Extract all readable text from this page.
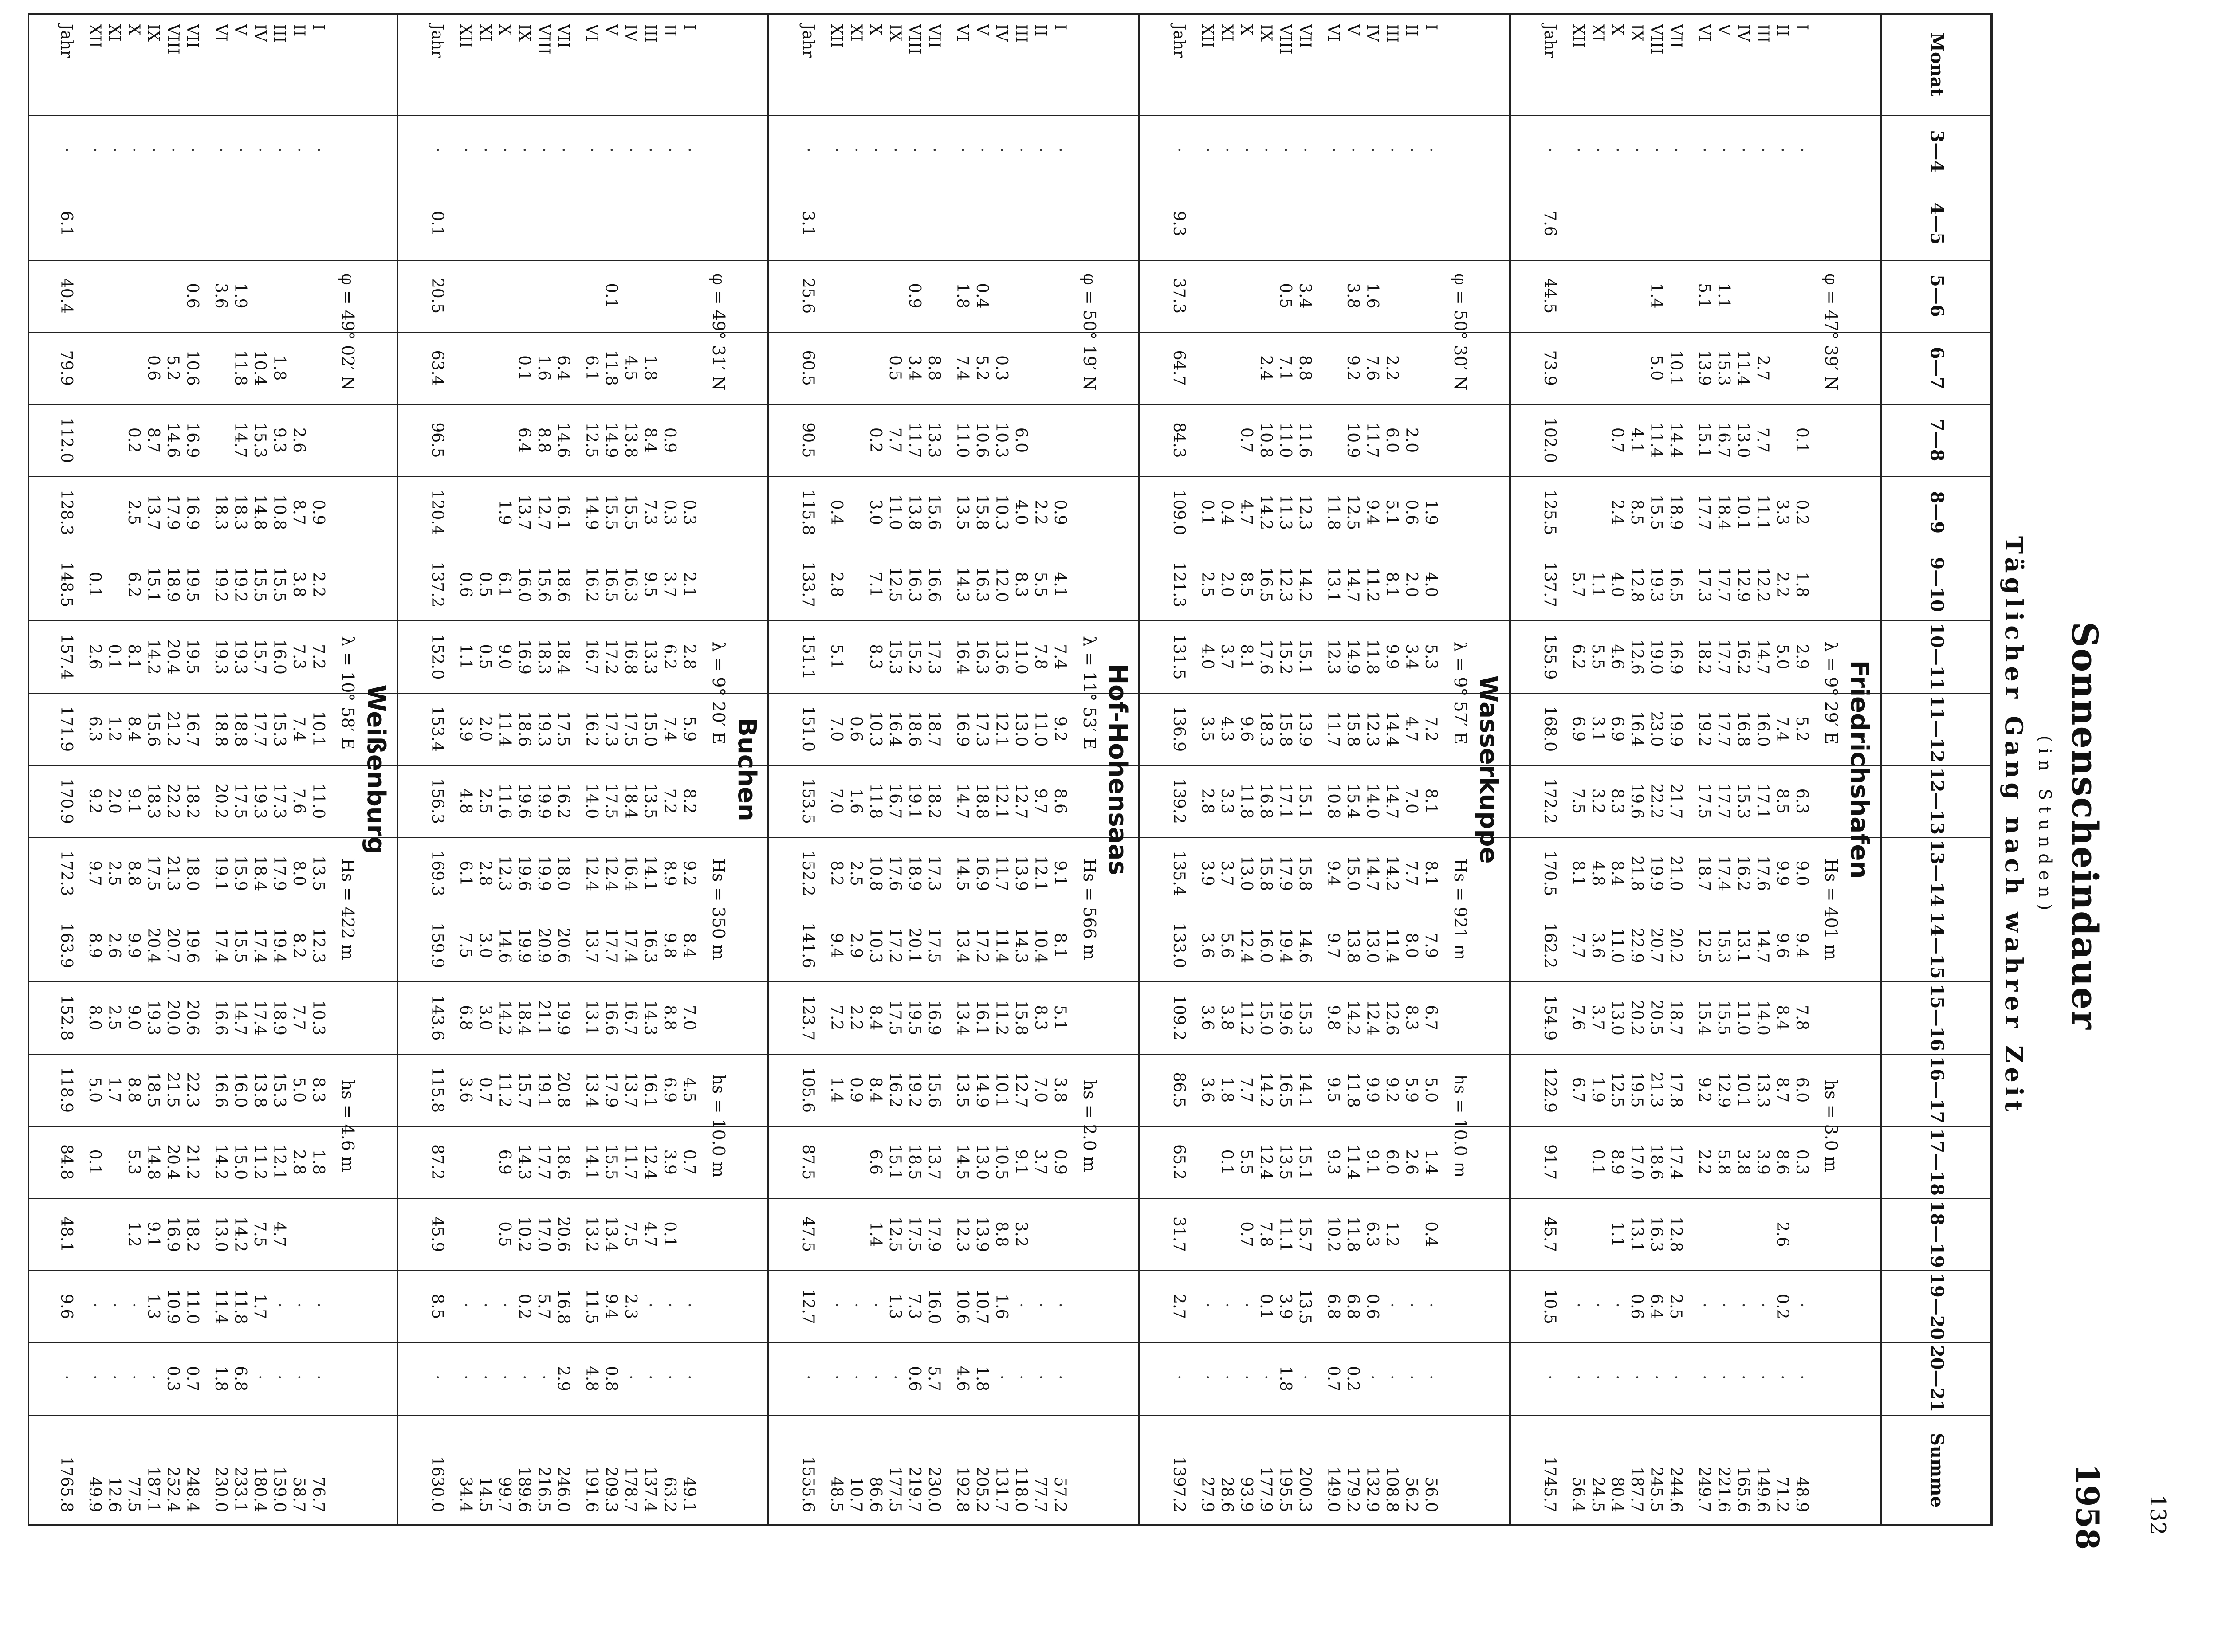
132
Sonnenscheindauer
(in Stunden)
Täglicher Gang nach wahrer Zeit
1958
Monat
3—4
4—5
5—6
6—7
7—8
8—9
9—10
10—11
11—12
12—13
13—14
14—15
15—16
16—17
17—18
18—19
19—20
20—21
Summe
Friedrichshafen
φ = 47° 39′ N
λ = 9° 29′ E
Hs = 401 m
hs = 3.0 m
I
·
0.1
0.2
1.8
2.9
5.2
6.3
9.0
9.4
7.8
6.0
0.3
·
·
48.9
II
·
3.3
2.2
5.0
7.4
8.5
9.9
9.6
8.4
8.7
8.6
2.6
0.2
·
71.2
III
·
2.7
7.7
11.1
12.2
14.7
16.0
17.1
17.6
14.7
14.0
13.3
3.9
·
·
149.6
IV
·
11.4
13.0
10.1
12.9
16.2
16.8
15.3
16.2
13.1
11.0
10.1
3.8
·
·
165.6
V
·
1.1
15.3
16.7
18.4
17.7
17.7
17.7
17.7
17.4
15.3
15.5
12.9
5.8
·
·
221.6
VI
·
5.1
13.9
15.1
17.7
17.3
18.2
19.2
17.5
18.7
12.5
15.4
9.2
2.2
·
·
249.7
VII
·
10.1
14.4
18.9
16.5
16.9
19.9
21.7
21.0
20.2
18.7
17.8
17.4
12.8
2.5
·
244.6
VIII
·
1.4
5.0
11.4
15.5
19.3
19.0
23.0
22.2
19.9
20.7
20.5
21.3
18.6
16.3
6.4
·
245.5
IX
·
4.1
8.5
12.8
12.6
16.4
19.6
21.8
22.9
20.2
19.5
17.0
13.1
0.6
·
187.7
X
·
0.7
2.4
4.0
4.6
6.9
8.3
8.4
11.0
13.0
12.5
8.9
1.1
·
·
80.4
XI
·
1.1
5.5
3.1
3.2
4.8
3.6
3.7
1.9
0.1
·
·
24.5
XII
·
5.7
6.2
6.9
7.5
8.1
7.7
7.6
6.7
·
·
56.4
Jahr
·
7.6
44.5
73.9
102.0
125.5
137.7
155.9
168.0
172.2
170.5
162.2
154.9
122.9
91.7
45.7
10.5
·
1745.7
Wasserkuppe
φ = 50° 30′ N
λ = 9° 57′ E
Hs = 921 m
hs = 10.0 m
I
·
1.9
4.0
5.3
7.2
8.1
8.1
7.9
6.7
5.0
1.4
0.4
·
·
56.0
II
·
2.0
0.6
2.0
3.4
4.7
7.0
7.7
8.0
8.3
5.9
2.6
·
·
56.2
III
·
2.2
6.0
5.1
8.1
9.9
14.4
14.7
14.2
11.4
12.6
9.2
6.0
1.2
·
·
108.8
IV
·
1.6
7.6
11.7
9.4
11.2
11.8
12.3
14.0
14.7
13.0
12.4
9.9
9.1
6.3
0.6
·
132.9
V
·
3.8
9.2
10.9
12.5
14.7
14.9
15.8
15.4
15.0
13.8
14.2
11.8
11.4
11.8
6.8
0.2
179.2
VI
·
11.8
13.1
12.3
11.7
10.8
9.4
9.7
9.8
9.5
9.3
10.2
6.8
0.7
149.0
VII
·
3.4
8.8
11.6
12.3
14.2
15.1
13.9
15.1
15.8
14.6
15.3
14.1
15.1
15.7
13.5
·
200.3
VIII
·
0.5
7.1
11.0
11.3
12.3
15.2
15.8
17.1
17.9
19.4
19.6
16.5
13.5
11.1
3.9
1.8
195.5
IX
·
2.4
10.8
14.2
16.5
17.6
18.3
16.8
15.8
16.0
15.0
14.2
12.4
7.8
0.1
·
177.9
X
·
0.7
4.7
8.5
8.1
9.6
11.8
13.0
12.4
11.2
7.7
5.5
0.7
·
·
93.9
XI
·
0.4
2.0
3.7
4.3
3.3
3.7
5.6
3.8
1.8
0.1
·
·
28.6
XII
·
0.1
2.5
4.0
3.5
2.8
3.9
3.6
3.6
3.6
·
·
27.9
Jahr
·
9.3
37.3
64.7
84.3
109.0
121.3
131.5
136.9
139.2
135.4
133.0
109.2
86.5
65.2
31.7
2.7
·
1397.2
Hof-Hohensaas
φ = 50° 19′ N
λ = 11° 53′ E
Hs = 566 m
hs = 2.0 m
I
·
0.9
4.1
7.4
9.2
8.6
9.1
8.1
5.1
3.8
0.9
·
·
57.2
II
·
2.2
5.5
7.8
11.0
9.7
12.1
10.4
8.3
7.0
3.7
·
·
77.7
III
·
6.0
4.0
8.3
11.0
13.0
12.7
13.9
14.3
15.8
12.7
9.1
3.2
·
·
118.0
IV
·
0.3
10.3
10.3
12.0
13.6
12.1
12.1
11.7
11.4
11.2
10.1
10.5
8.8
1.6
·
131.7
V
·
0.4
5.2
10.6
15.8
16.3
16.3
17.3
18.8
16.9
17.2
16.1
14.9
13.0
13.9
10.7
1.8
205.2
VI
·
1.8
7.4
11.0
13.5
14.3
16.4
16.9
14.7
14.5
13.4
13.4
13.5
14.5
12.3
10.6
4.6
192.8
VII
·
8.8
13.3
15.6
16.6
17.3
18.7
18.2
17.3
17.5
16.9
15.6
13.7
17.9
16.0
5.7
230.0
VIII
·
0.9
3.4
11.7
13.8
16.3
15.2
18.6
19.1
18.9
20.1
19.5
19.2
18.5
17.5
7.3
0.6
219.7
IX
·
0.5
7.7
11.0
12.5
15.3
16.4
16.7
17.6
17.2
17.5
16.2
15.1
12.5
1.3
·
177.5
X
·
0.2
3.0
7.1
8.3
10.3
11.8
10.8
10.3
8.4
8.4
6.6
1.4
·
·
86.6
XI
·
0.6
1.6
2.5
2.9
2.2
0.9
·
·
10.7
XII
·
0.4
2.8
5.1
7.0
7.0
8.2
9.4
7.2
1.4
·
·
48.5
Jahr
·
3.1
25.6
60.5
90.5
115.8
133.7
151.1
151.0
153.5
152.2
141.6
123.7
105.6
87.5
47.5
12.7
·
1555.6
Buchen
φ = 49° 31′ N
λ = 9° 20′ E
Hs = 350 m
hs = 10.0 m
I
·
0.3
2.1
2.8
5.9
8.2
9.2
8.4
7.0
4.5
0.7
·
·
49.1
II
·
0.9
0.3
3.7
6.2
7.4
7.2
8.9
9.8
8.8
6.9
3.9
0.1
·
·
63.2
III
·
1.8
8.4
7.3
9.5
13.3
15.0
13.5
14.1
16.3
14.3
16.1
12.4
4.7
·
·
137.4
IV
·
4.5
13.8
15.5
16.3
16.8
17.5
18.4
16.4
17.4
16.7
13.7
11.7
7.5
2.3
·
178.7
V
·
0.1
11.8
14.9
15.5
16.5
17.2
17.3
17.5
12.4
17.7
16.6
17.9
15.5
13.4
9.4
0.8
209.3
VI
·
6.1
12.5
14.9
16.2
16.7
16.2
14.0
12.4
13.7
13.1
13.4
14.1
13.2
11.5
4.8
191.6
VII
·
6.4
14.6
16.1
18.6
18.4
17.5
16.2
18.0
20.6
19.9
20.8
18.6
20.6
16.8
2.9
246.0
VIII
·
1.6
8.8
12.7
15.6
18.3
19.3
19.9
19.9
20.9
21.1
19.1
17.7
17.0
5.7
·
216.5
IX
·
0.1
6.4
13.7
16.0
16.9
18.6
19.6
19.6
19.9
18.4
15.7
14.3
10.2
0.2
·
189.6
X
·
1.9
6.1
9.0
11.4
11.6
12.3
14.6
14.2
11.2
6.9
0.5
·
·
99.7
XI
·
0.5
0.5
2.0
2.5
2.8
3.0
3.0
0.7
·
·
14.5
XII
·
0.6
1.1
3.9
4.8
6.1
7.5
6.8
3.6
·
·
34.4
Jahr
·
0.1
20.5
63.4
96.5
120.4
137.2
152.0
153.4
156.3
169.3
159.9
143.6
115.8
87.2
45.9
8.5
·
1630.0
Weißenburg
φ = 49° 02′ N
λ = 10° 58′ E
Hs = 422 m
hs = 4.6 m
I
·
0.9
2.2
7.2
10.1
11.0
13.5
12.3
10.3
8.3
1.8
·
·
76.7
II
·
2.6
8.7
3.8
7.3
7.4
7.6
8.0
8.2
7.7
5.0
2.8
·
·
58.7
III
·
1.8
9.3
10.8
15.5
16.0
15.3
17.3
17.9
19.4
18.9
15.3
12.1
4.7
·
·
159.0
IV
·
10.4
15.3
14.8
15.5
15.7
17.7
19.3
18.4
17.4
17.4
13.8
11.2
7.5
1.7
·
180.4
V
·
1.9
11.8
14.7
18.3
19.2
19.3
18.8
17.5
15.9
15.5
14.7
16.0
15.0
14.2
11.8
6.8
233.1
VI
·
3.6
18.3
19.2
19.3
18.8
20.2
19.1
17.4
16.6
16.6
14.2
13.0
11.4
1.8
230.0
VII
·
0.6
10.6
16.9
16.9
19.5
19.5
16.7
18.2
18.0
19.6
20.6
22.3
21.2
18.2
11.0
0.7
248.4
VIII
·
5.2
14.6
17.9
18.9
20.4
21.2
22.2
21.3
20.7
20.0
21.5
20.4
16.9
10.9
0.3
252.4
IX
·
0.6
8.7
13.7
15.1
14.2
15.6
18.3
17.5
20.4
19.3
18.5
14.8
9.1
1.3
·
187.1
X
·
0.2
2.5
6.2
8.1
8.4
9.1
8.8
9.9
9.0
8.8
5.3
1.2
·
·
77.5
XI
·
0.1
1.2
2.0
2.5
2.6
2.5
1.7
·
·
12.6
XII
·
0.1
2.6
6.3
9.2
9.7
8.9
8.0
5.0
0.1
·
·
49.9
Jahr
·
6.1
40.4
79.9
112.0
128.3
148.5
157.4
171.9
170.9
172.3
163.9
152.8
118.9
84.8
48.1
9.6
·
1765.8
